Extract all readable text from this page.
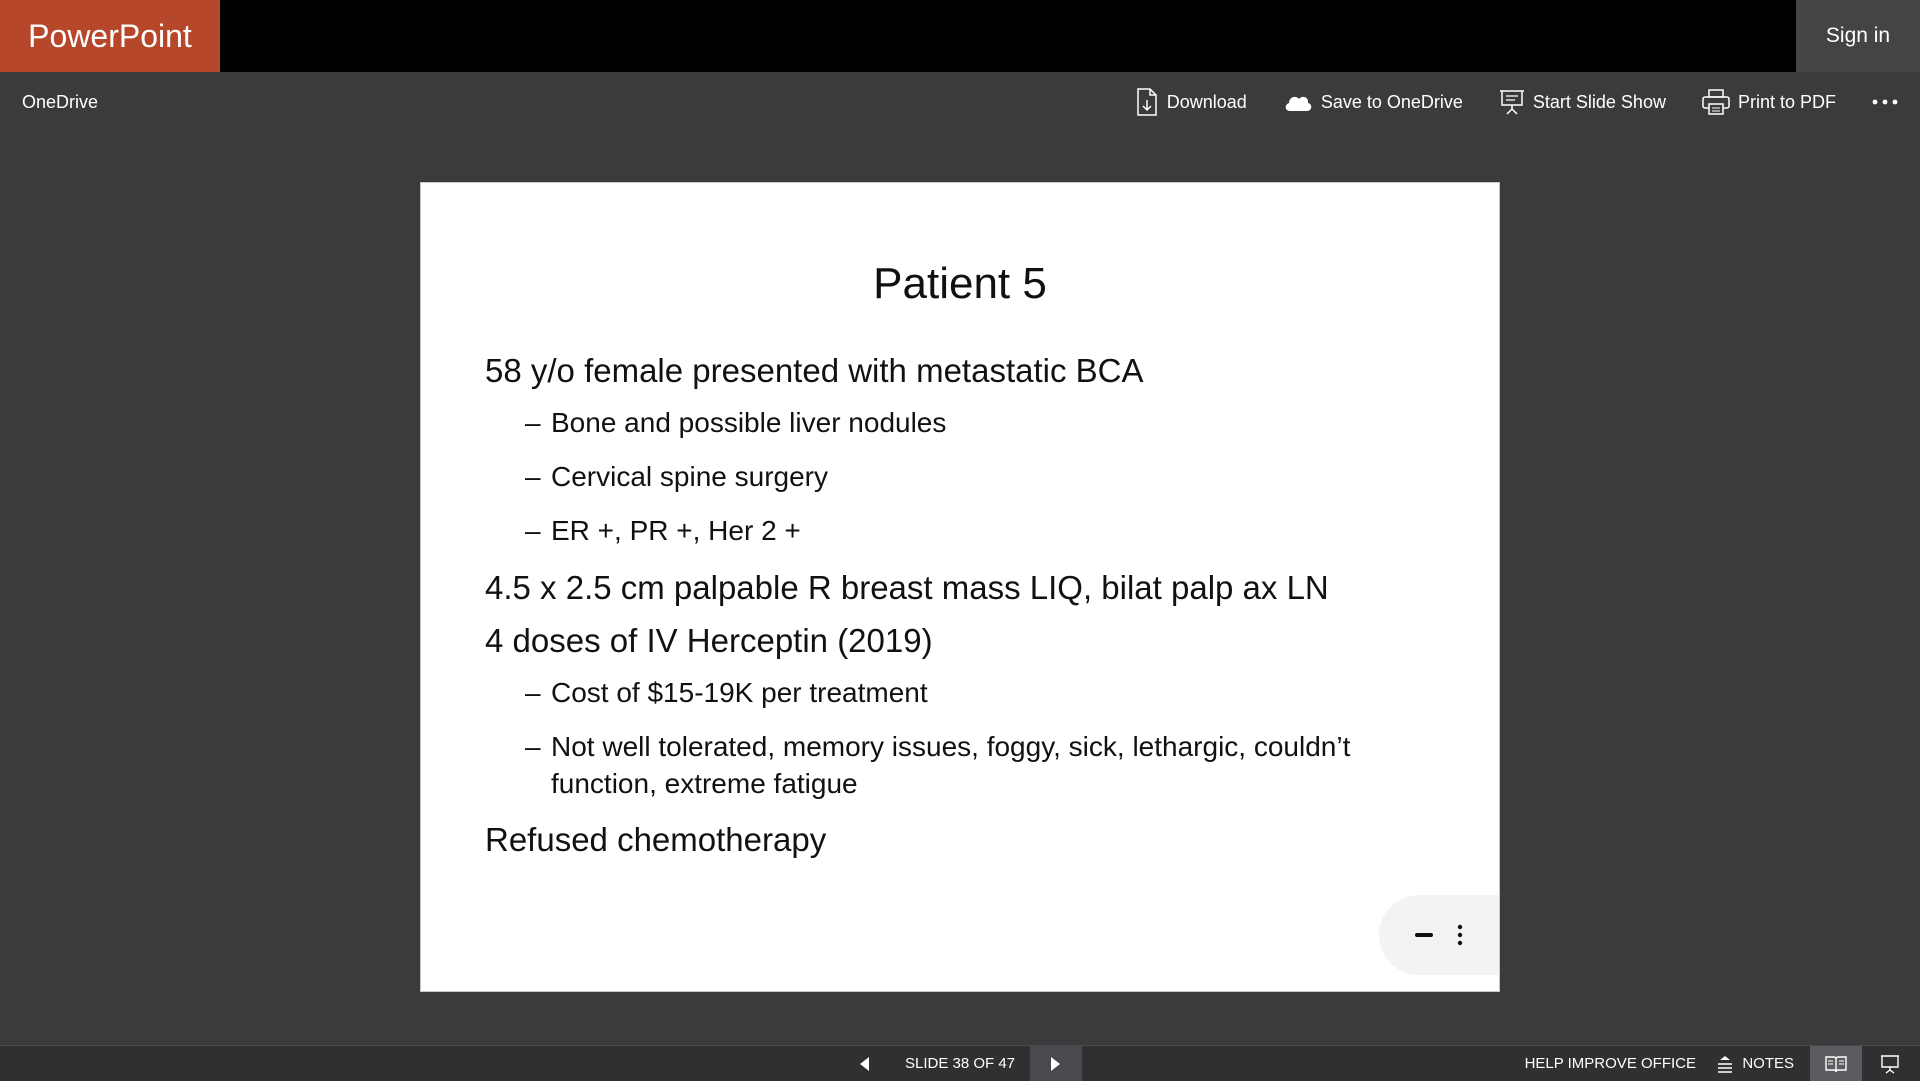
PowerPoint	Sign in
OneDrive	Download	Save to OneDrive	Start Slide Show	Print to PDF
Patient 5
58 y/o female presented with metastatic BCA
– Bone and possible liver nodules
– Cervical spine surgery
– ER +, PR +, Her 2 +
4.5 x 2.5 cm palpable R breast mass LIQ, bilat palp ax LN
4 doses of IV Herceptin (2019)
– Cost of $15-19K per treatment
– Not well tolerated, memory issues, foggy, sick, lethargic, couldn’t function, extreme fatigue
Refused chemotherapy
SLIDE 38 OF 47	HELP IMPROVE OFFICE	NOTES
